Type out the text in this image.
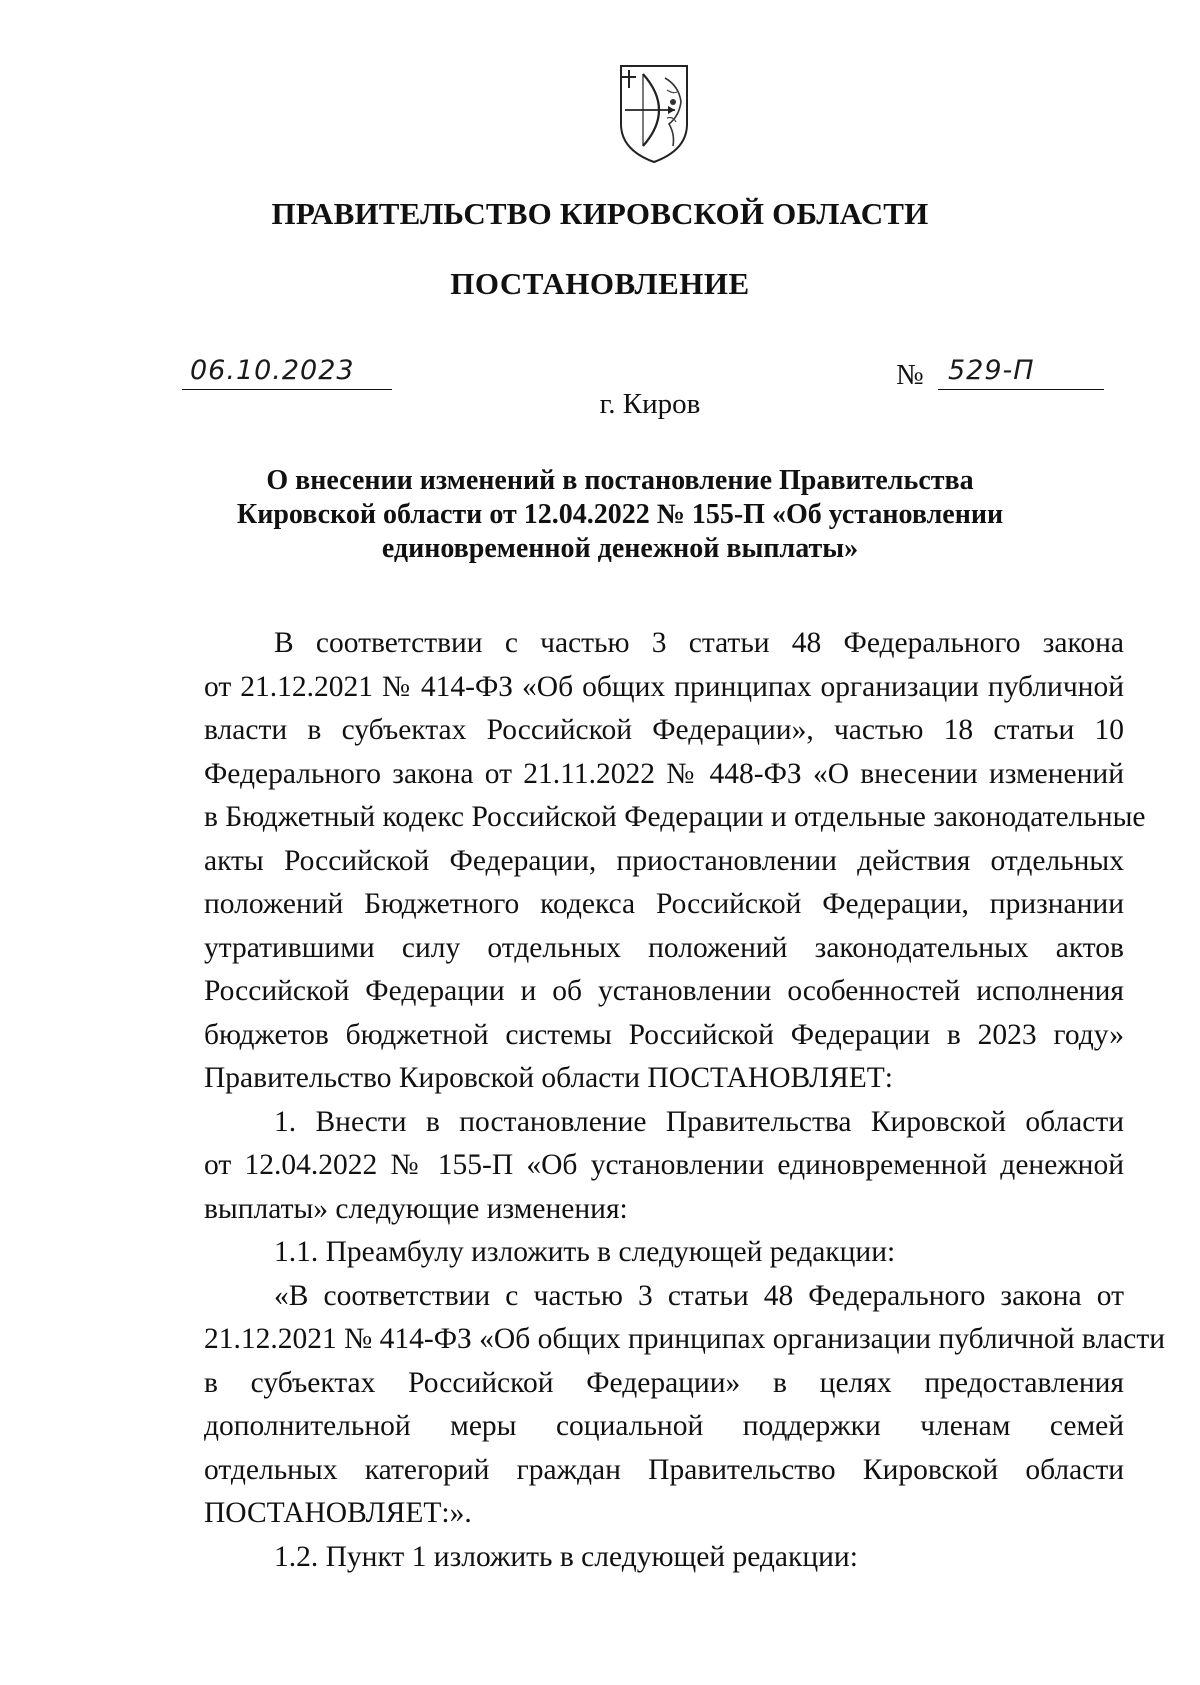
ПРАВИТЕЛЬСТВО КИРОВСКОЙ ОБЛАСТИ
ПОСТАНОВЛЕНИЕ
06.10.2023	№ 529-П
г. Киров
О внесении изменений в постановление Правительства
Кировской области от 12.04.2022 № 155-П «Об установлении
единовременной денежной выплаты»
В соответствии с частью 3 статьи 48 Федерального закона
от 21.12.2021 № 414-ФЗ «Об общих принципах организации публичной
власти в субъектах Российской Федерации», частью 18 статьи 10
Федерального закона от 21.11.2022 № 448-ФЗ «О внесении изменений
в Бюджетный кодекс Российской Федерации и отдельные законодательные
акты Российской Федерации, приостановлении действия отдельных
положений Бюджетного кодекса Российской Федерации, признании
утратившими силу отдельных положений законодательных актов
Российской Федерации и об установлении особенностей исполнения
бюджетов бюджетной системы Российской Федерации в 2023 году»
Правительство Кировской области ПОСТАНОВЛЯЕТ:
1. Внести в постановление Правительства Кировской области
от 12.04.2022 № 155-П «Об установлении единовременной денежной
выплаты» следующие изменения:
1.1. Преамбулу изложить в следующей редакции:
«В соответствии с частью 3 статьи 48 Федерального закона от
21.12.2021 № 414-ФЗ «Об общих принципах организации публичной власти
в субъектах Российской Федерации» в целях предоставления
дополнительной меры социальной поддержки членам семей
отдельных категорий граждан Правительство Кировской области
ПОСТАНОВЛЯЕТ:».
1.2. Пункт 1 изложить в следующей редакции:
